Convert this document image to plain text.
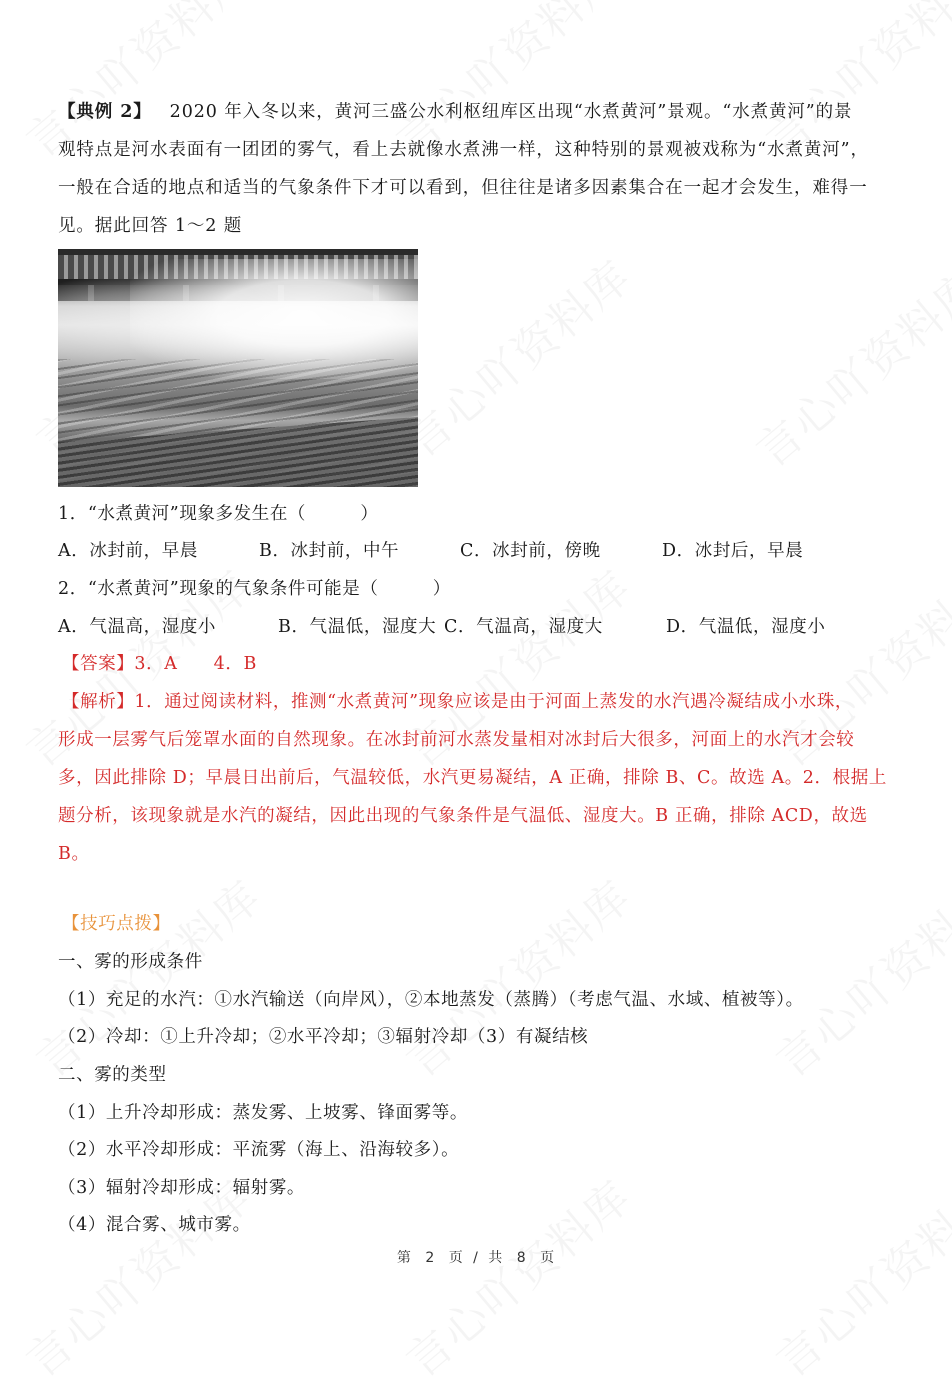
【典例 2】 2020 年入冬以来，黄河三盛公水利枢纽库区出现“水煮黄河”景观。“水煮黄河”的景
观特点是河水表面有一团团的雾气，看上去就像水煮沸一样，这种特别的景观被戏称为“水煮黄河”，
一般在合适的地点和适当的气象条件下才可以看到，但往往是诸多因素集合在一起才会发生，难得一
见。据此回答 1～2 题
1．“水煮黄河”现象多发生在（　　　）
A．冰封前，早晨	B．冰封前，中午	C．冰封前，傍晚	D．冰封后，早晨
2．“水煮黄河”现象的气象条件可能是（　　　）
A．气温高，湿度小	B．气温低，湿度大 C．气温高，湿度大	D．气温低，湿度小
【答案】3．A　　4．B
【解析】1．通过阅读材料，推测“水煮黄河”现象应该是由于河面上蒸发的水汽遇冷凝结成小水珠，
形成一层雾气后笼罩水面的自然现象。在冰封前河水蒸发量相对冰封后大很多，河面上的水汽才会较
多，因此排除 D；早晨日出前后，气温较低，水汽更易凝结，A 正确，排除 B、C。故选 A。2．根据上
题分析，该现象就是水汽的凝结，因此出现的气象条件是气温低、湿度大。B 正确，排除 ACD，故选
B。
【技巧点拨】
一、雾的形成条件
（1）充足的水汽：①水汽输送（向岸风），②本地蒸发（蒸腾）（考虑气温、水域、植被等）。
（2）冷却：①上升冷却；②水平冷却；③辐射冷却（3）有凝结核
二、雾的类型
（1）上升冷却形成：蒸发雾、上坡雾、锋面雾等。
（2）水平冷却形成：平流雾（海上、沿海较多）。
（3）辐射冷却形成：辐射雾。
（4）混合雾、城市雾。
第 2 页 / 共 8 页
